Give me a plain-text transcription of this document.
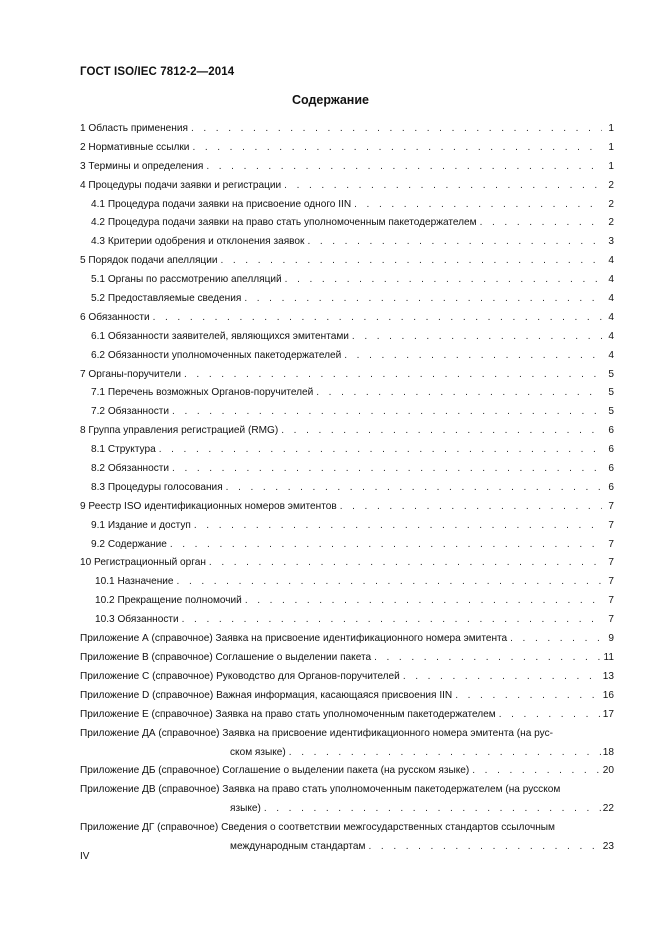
ГОСТ ISO/IEC 7812-2—2014
Содержание
1 Область применения . . .	1
2 Нормативные ссылки . . .	1
3 Термины и определения . . .	1
4 Процедуры подачи заявки и регистрации . . .	2
4.1 Процедура подачи заявки на присвоение одного IIN . . .	2
4.2 Процедура подачи заявки на право стать уполномоченным пакетодержателем . . .	2
4.3 Критерии одобрения и отклонения заявок . . .	3
5 Порядок подачи апелляции . . .	4
5.1 Органы по рассмотрению апелляций . . .	4
5.2 Предоставляемые сведения . . .	4
6 Обязанности . . .	4
6.1 Обязанности заявителей, являющихся эмитентами . . .	4
6.2 Обязанности уполномоченных пакетодержателей . . .	4
7 Органы-поручители . . .	5
7.1 Перечень возможных Органов-поручителей . . .	5
7.2 Обязанности . . .	5
8 Группа управления регистрацией (RMG) . . .	6
8.1 Структура . . .	6
8.2 Обязанности . . .	6
8.3 Процедуры голосования . . .	6
9 Реестр ISO идентификационных номеров эмитентов . . .	7
9.1 Издание и доступ . . .	7
9.2 Содержание . . .	7
10 Регистрационный орган . . .	7
10.1 Назначение . . .	7
10.2 Прекращение полномочий . . .	7
10.3 Обязанности . . .	7
Приложение А (справочное) Заявка на присвоение идентификационного номера эмитента . . .	9
Приложение В (справочное) Соглашение о выделении пакета . . .	11
Приложение С (справочное) Руководство для Органов-поручителей . . .	13
Приложение D (справочное) Важная информация, касающаяся присвоения IIN . . .	16
Приложение Е (справочное) Заявка на право стать уполномоченным пакетодержателем . . .	17
Приложение ДА (справочное) Заявка на присвоение идентификационного номера эмитента (на рус-
ском языке) . . .	18
Приложение ДБ (справочное) Соглашение о выделении пакета (на русском языке) . . .	20
Приложение ДВ (справочное) Заявка на право стать уполномоченным пакетодержателем (на русском
языке) . . .	22
Приложение ДГ (справочное) Сведения о соответствии межгосударственных стандартов ссылочным
международным стандартам . . .	23
IV
